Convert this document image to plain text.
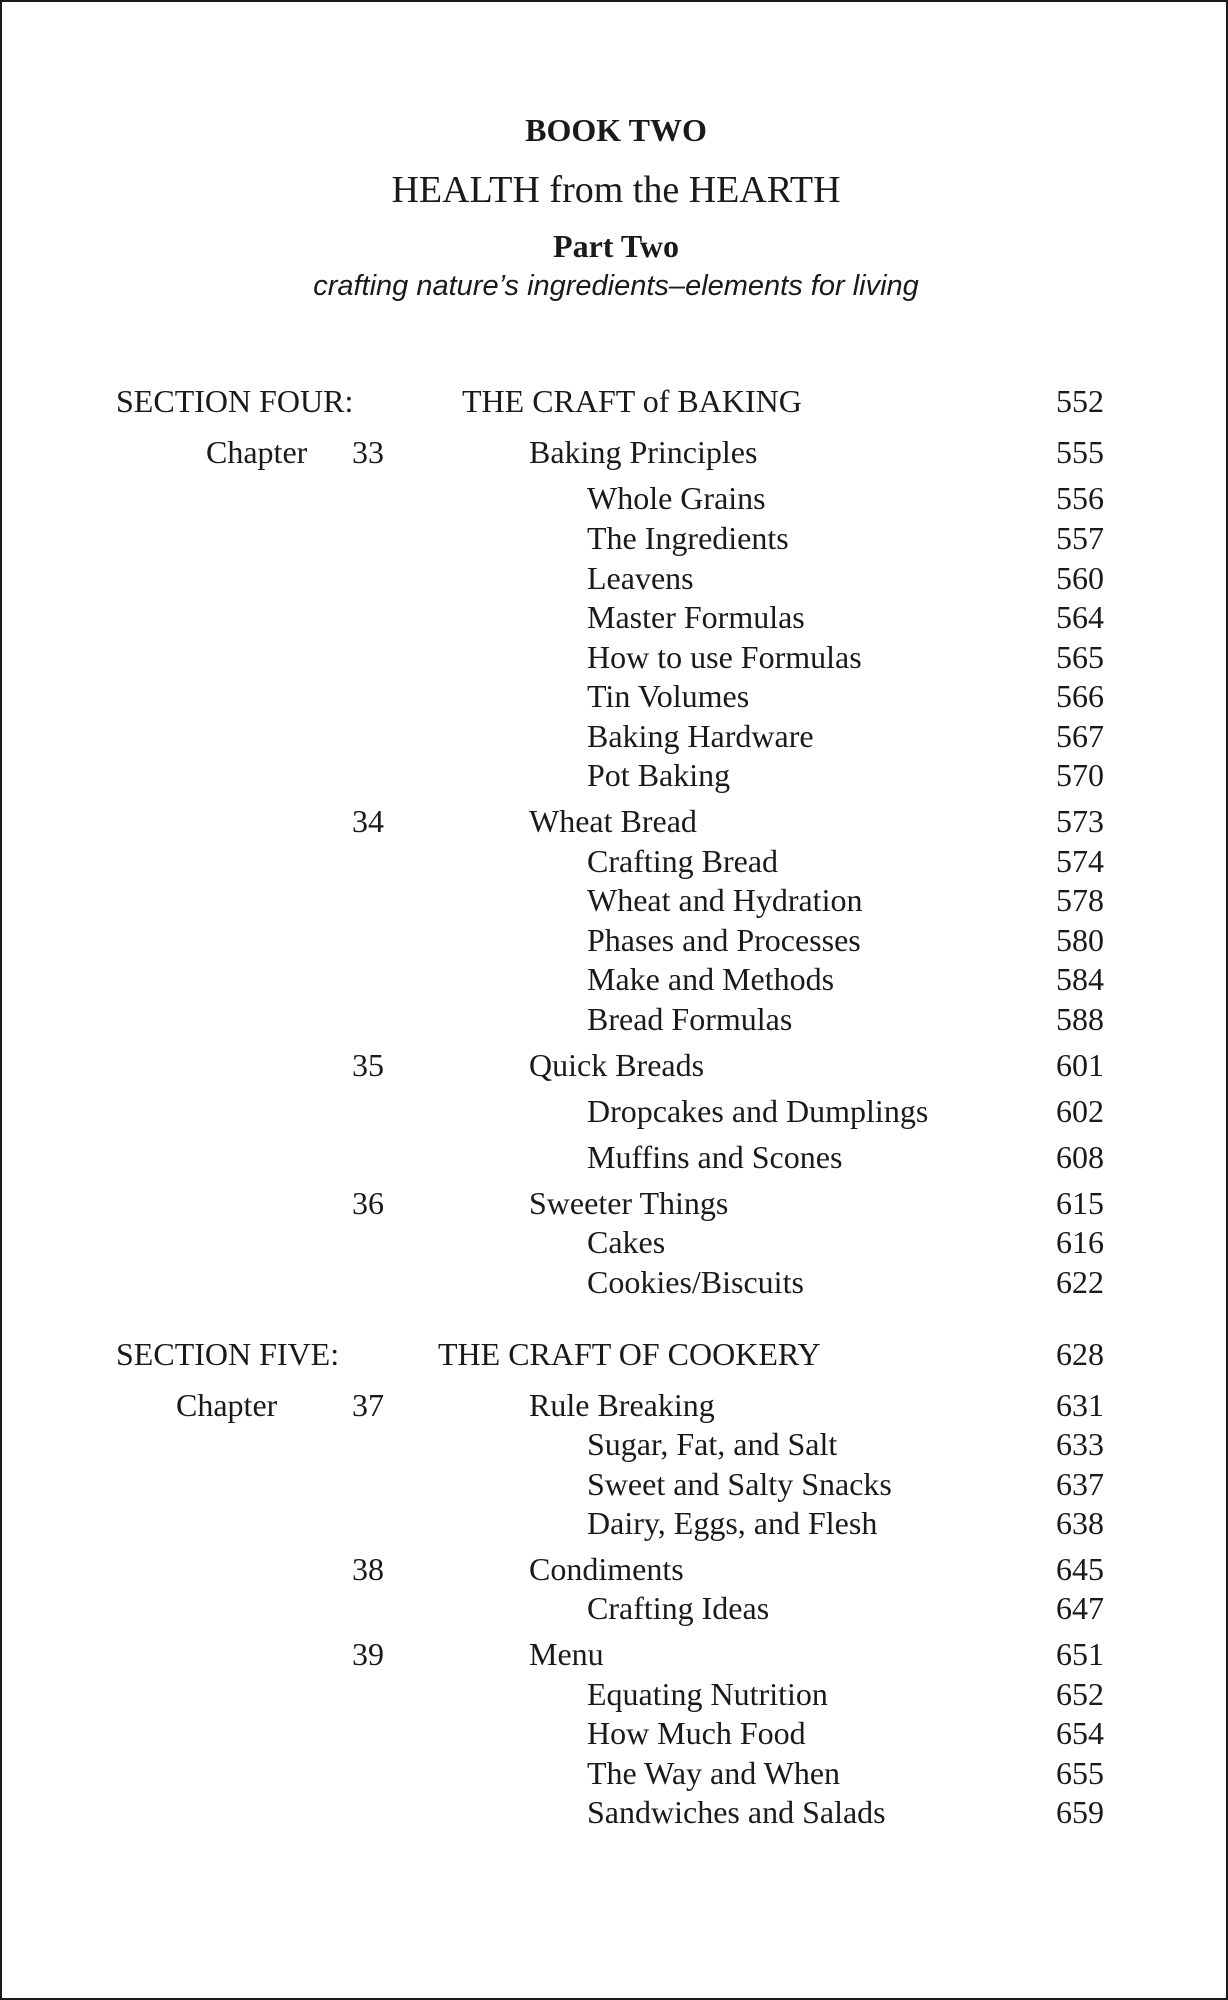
BOOK TWO
HEALTH from the HEARTH
Part Two
crafting nature’s ingredients–elements for living
SECTION FOUR:	THE CRAFT of BAKING	552
Chapter 33	Baking Principles	555
Whole Grains	556
The Ingredients	557
Leavens	560
Master Formulas	564
How to use Formulas	565
Tin Volumes	566
Baking Hardware	567
Pot Baking	570
34	Wheat Bread	573
Crafting Bread	574
Wheat and Hydration	578
Phases and Processes	580
Make and Methods	584
Bread Formulas	588
35	Quick Breads	601
Dropcakes and Dumplings	602
Muffins and Scones	608
36	Sweeter Things	615
Cakes	616
Cookies/Biscuits	622
SECTION FIVE:	THE CRAFT OF COOKERY	628
Chapter 37	Rule Breaking	631
Sugar, Fat, and Salt	633
Sweet and Salty Snacks	637
Dairy, Eggs, and Flesh	638
38	Condiments	645
Crafting Ideas	647
39	Menu	651
Equating Nutrition	652
How Much Food	654
The Way and When	655
Sandwiches and Salads	659
